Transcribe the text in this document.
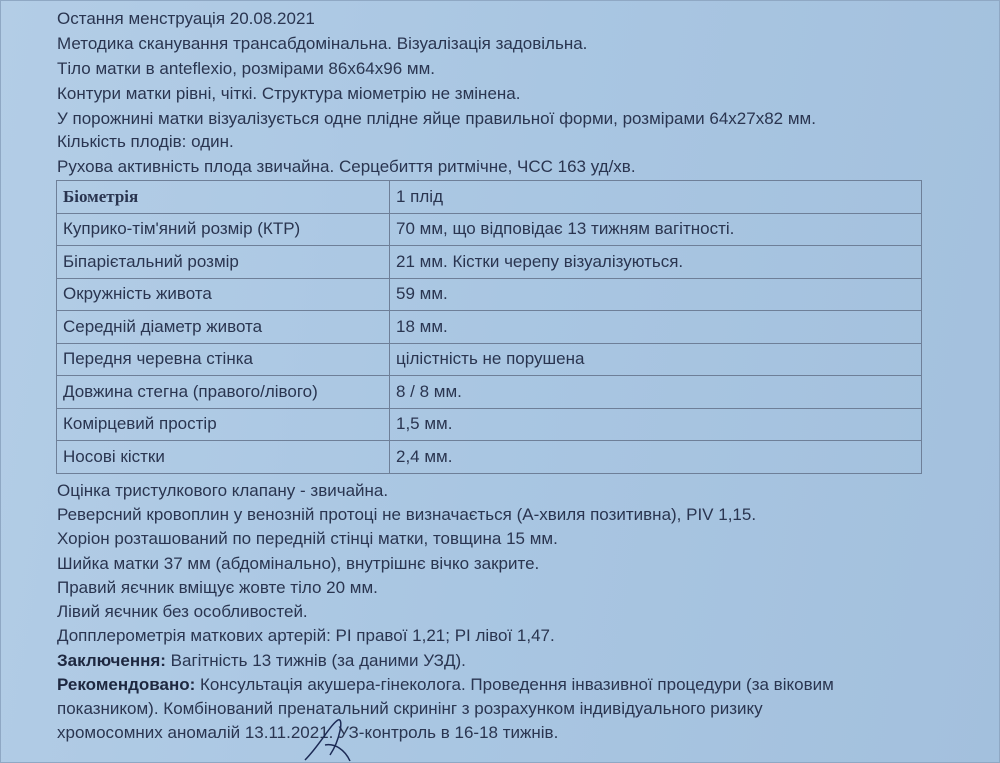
Остання менструація 20.08.2021
Методика сканування трансабдомінальна. Візуалізація задовільна.
Тіло матки в anteflexio, розмірами 86х64х96 мм.
Контури матки рівні, чіткі. Структура міометрію не змінена.
У порожнині матки візуалізується одне плідне яйце правильної форми, розмірами 64х27х82 мм.
Кількість плодів: один.
Рухова активність плода звичайна. Серцебиття ритмічне, ЧСС 163 уд/хв.
Біометрія	1 плід
Куприко-тім'яний розмір (КТР)	70 мм, що відповідає 13 тижням вагітності.
Біпарієтальний розмір	21 мм. Кістки черепу візуалізуються.
Окружність живота	59 мм.
Середній діаметр живота	18 мм.
Передня черевна стінка	цілістність не порушена
Довжина стегна (правого/лівого)	8 / 8 мм.
Комірцевий простір	1,5 мм.
Носові кістки	2,4 мм.
Оцінка тристулкового клапану - звичайна.
Реверсний кровоплин у венозній протоці не визначається (А-хвиля позитивна), PIV 1,15.
Хоріон розташований по передній стінці матки, товщина 15 мм.
Шийка матки 37 мм (абдомінально), внутрішнє вічко закрите.
Правий яєчник вміщує жовте тіло 20 мм.
Лівий яєчник без особливостей.
Допплерометрія маткових артерій: PI правої 1,21; PI лівої 1,47.
Заключення: Вагітність 13 тижнів (за даними УЗД).
Рекомендовано: Консультація акушера-гінеколога. Проведення інвазивної процедури (за віковим
показником). Комбінований пренатальний скринінг з розрахунком індивідуального ризику
хромосомних аномалій 13.11.2021. УЗ-контроль в 16-18 тижнів.
